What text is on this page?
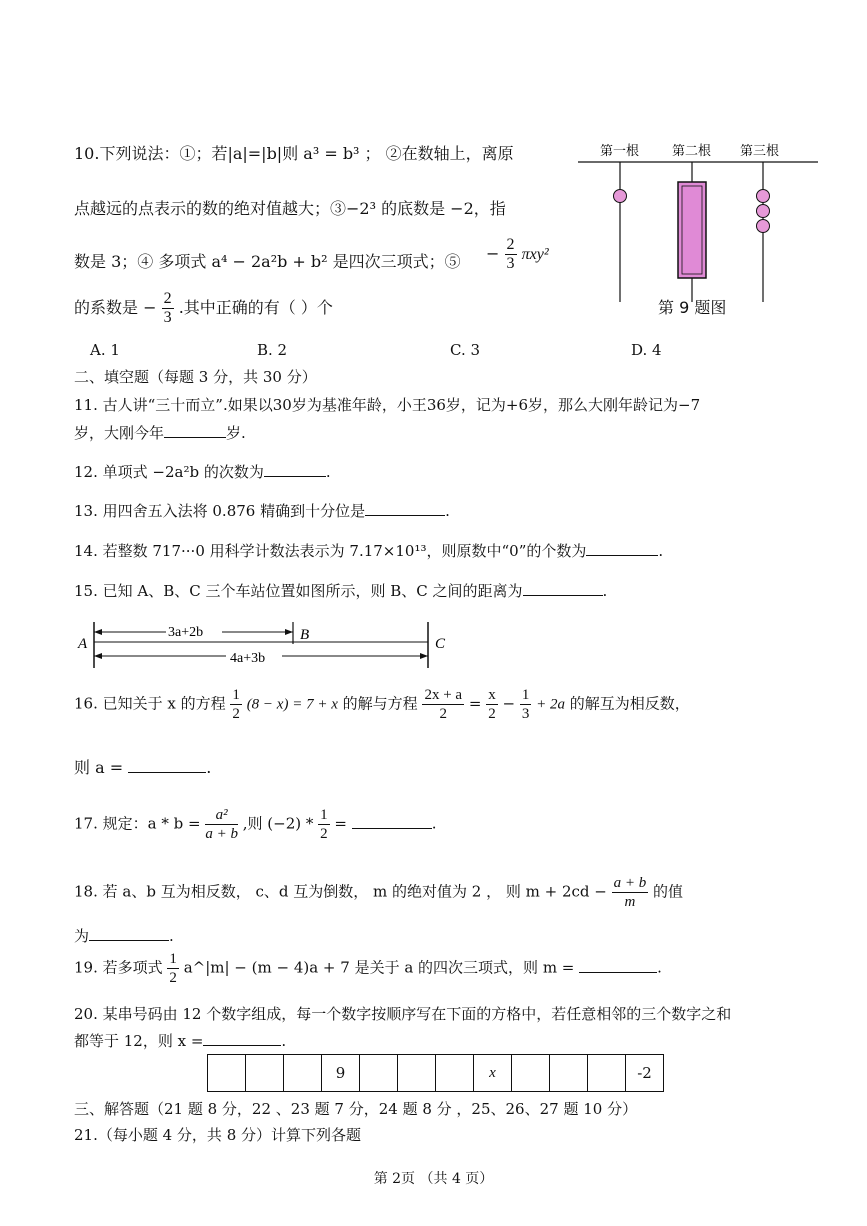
10.下列说法：①；若|a|=|b|则 a³ = b³ ； ②在数轴上，离原
点越远的点表示的数的绝对值越大；③−2³ 的底数是 −2，指
数是 3；④ 多项式 a⁴ − 2a²b + b² 是四次三项式；⑤ − $\frac{2}{3} \pi xy^2$
的系数是 − $\frac{2}{3}$ .其中正确的有（ ）个
A. 1	B. 2	C. 3	D. 4
第一根	第二根 第三根
第 9 题图
二、填空题（每题 3 分，共 30 分）
11. 古人讲“三十而立”.如果以30岁为基准年龄，小王36岁，记为+6岁，那么大刚年龄记为−7
岁，大刚今年	岁.
12. 单项式 −2a²b 的次数为	.
13. 用四舍五入法将 0.876 精确到十分位是	.
14. 若整数 717···0 用科学计数法表示为 7.17×10¹³，则原数中“0”的个数为	.
15. 已知 A、B、C 三个车站位置如图所示，则 B、C 之间的距离为	.
A
B
C
3a+2b
4a+3b
16. 已知关于 x 的方程 $\frac{1}{2} (8 - x) = 7 + x$ 的解与方程 $\frac{2x + a}{2} = \frac{x}{2} - \frac{1}{3} + 2a$ 的解互为相反数，
则 a =	.
17. 规定：$a * b = \frac{\text{a²}}{a + b}$ ,则 $(-2) * \frac{1}{2}$ =	.
18. 若 a、b 互为相反数， c、d 互为倒数， m 的绝对值为 2 ， 则 $m + 2cd - \frac{a + b}{m}$ 的值
为	.
19. 若多项式 $\frac{1}{2}$ a^|m| − (m − 4)a + 7 是关于 a 的四次三项式，则 m =	.
20. 某串号码由 12 个数字组成，每一个数字按顺序写在下面的方格中，若任意相邻的三个数字之和
都等于 12，则 x =	.
			9				x				-2
三、解答题（21 题 8 分，22 、23 题 7 分，24 题 8 分 ，25、26、27 题 10 分）
21.（每小题 4 分，共 8 分）计算下列各题
第 2页 （共 4 页）
